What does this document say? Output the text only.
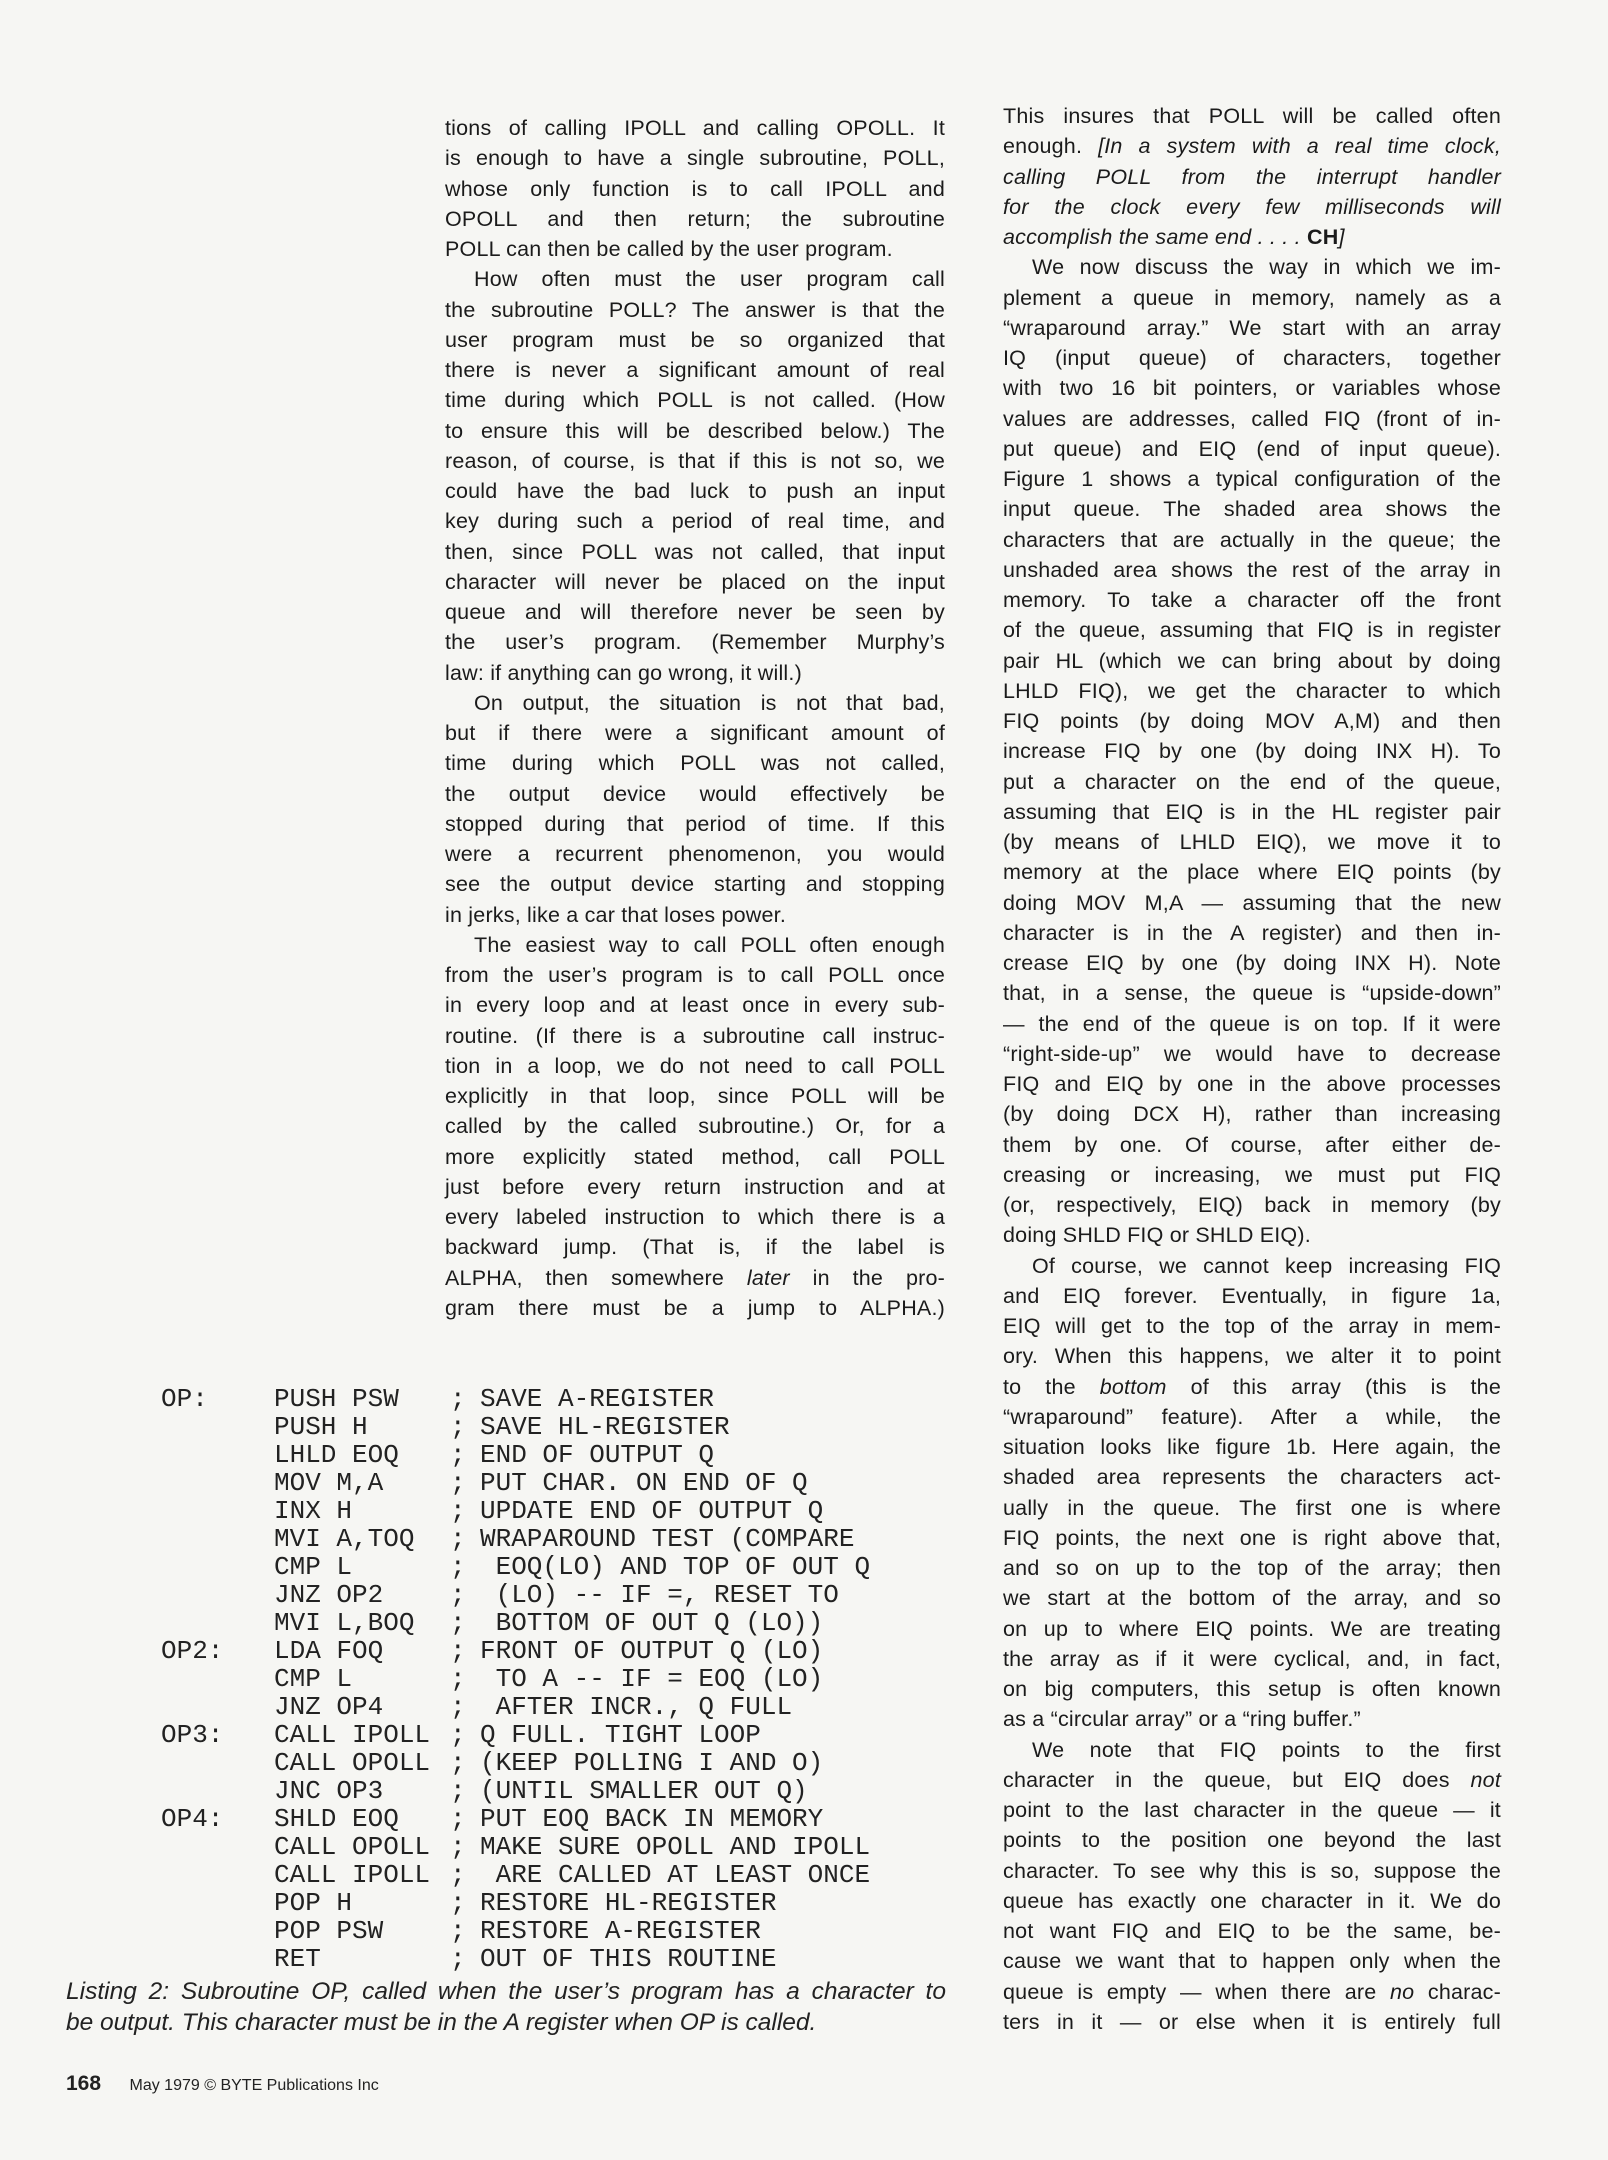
tions of calling IPOLL and calling OPOLL. It
is enough to have a single subroutine, POLL,
whose only function is to call IPOLL and
OPOLL and then return; the subroutine
POLL can then be called by the user program.
How often must the user program call
the subroutine POLL? The answer is that the
user program must be so organized that
there is never a significant amount of real
time during which POLL is not called. (How
to ensure this will be described below.) The
reason, of course, is that if this is not so, we
could have the bad luck to push an input
key during such a period of real time, and
then, since POLL was not called, that input
character will never be placed on the input
queue and will therefore never be seen by
the user’s program. (Remember Murphy’s
law: if anything can go wrong, it will.)
On output, the situation is not that bad,
but if there were a significant amount of
time during which POLL was not called,
the output device would effectively be
stopped during that period of time. If this
were a recurrent phenomenon, you would
see the output device starting and stopping
in jerks, like a car that loses power.
The easiest way to call POLL often enough
from the user’s program is to call POLL once
in every loop and at least once in every sub-
routine. (If there is a subroutine call instruc-
tion in a loop, we do not need to call POLL
explicitly in that loop, since POLL will be
called by the called subroutine.) Or, for a
more explicitly stated method, call POLL
just before every return instruction and at
every labeled instruction to which there is a
backward jump. (That is, if the label is
ALPHA, then somewhere later in the pro-
gram there must be a jump to ALPHA.)
This insures that POLL will be called often
enough. [In a system with a real time clock,
calling POLL from the interrupt handler
for the clock every few milliseconds will
accomplish the same end . . . . CH]
We now discuss the way in which we im-
plement a queue in memory, namely as a
“wraparound array.” We start with an array
IQ (input queue) of characters, together
with two 16 bit pointers, or variables whose
values are addresses, called FIQ (front of in-
put queue) and EIQ (end of input queue).
Figure 1 shows a typical configuration of the
input queue. The shaded area shows the
characters that are actually in the queue; the
unshaded area shows the rest of the array in
memory. To take a character off the front
of the queue, assuming that FIQ is in register
pair HL (which we can bring about by doing
LHLD FIQ), we get the character to which
FIQ points (by doing MOV A,M) and then
increase FIQ by one (by doing INX H). To
put a character on the end of the queue,
assuming that EIQ is in the HL register pair
(by means of LHLD EIQ), we move it to
memory at the place where EIQ points (by
doing MOV M,A — assuming that the new
character is in the A register) and then in-
crease EIQ by one (by doing INX H). Note
that, in a sense, the queue is “upside-down”
— the end of the queue is on top. If it were
“right-side-up” we would have to decrease
FIQ and EIQ by one in the above processes
(by doing DCX H), rather than increasing
them by one. Of course, after either de-
creasing or increasing, we must put FIQ
(or, respectively, EIQ) back in memory (by
doing SHLD FIQ or SHLD EIQ).
Of course, we cannot keep increasing FIQ
and EIQ forever. Eventually, in figure 1a,
EIQ will get to the top of the array in mem-
ory. When this happens, we alter it to point
to the bottom of this array (this is the
“wraparound” feature). After a while, the
situation looks like figure 1b. Here again, the
shaded area represents the characters act-
ually in the queue. The first one is where
FIQ points, the next one is right above that,
and so on up to the top of the array; then
we start at the bottom of the array, and so
on up to where EIQ points. We are treating
the array as if it were cyclical, and, in fact,
on big computers, this setup is often known
as a “circular array” or a “ring buffer.”
We note that FIQ points to the first
character in the queue, but EIQ does not
point to the last character in the queue — it
points to the position one beyond the last
character. To see why this is so, suppose the
queue has exactly one character in it. We do
not want FIQ and EIQ to be the same, be-
cause we want that to happen only when the
queue is empty — when there are no charac-
ters in it — or else when it is entirely full
OP:	PUSH PSW ; SAVE A-REGISTER
PUSH H	; SAVE HL-REGISTER
LHLD EOQ ; END OF OUTPUT Q
MOV M,A	; PUT CHAR. ON END OF Q
INX H	; UPDATE END OF OUTPUT Q
MVI A,TOQ ; WRAPAROUND TEST (COMPARE
CMP L	; EOQ(LO) AND TOP OF OUT Q
JNZ OP2	; (LO) -- IF =, RESET TO
MVI L,BOQ ; BOTTOM OF OUT Q (LO))
OP2: LDA FOQ	; FRONT OF OUTPUT Q (LO)
CMP L	; TO A -- IF = EOQ (LO)
JNZ OP4	; AFTER INCR., Q FULL
OP3: CALL IPOLL ; Q FULL. TIGHT LOOP
CALL OPOLL ; (KEEP POLLING I AND O)
JNC OP3	; (UNTIL SMALLER OUT Q)
OP4: SHLD EOQ ; PUT EOQ BACK IN MEMORY
CALL OPOLL ; MAKE SURE OPOLL AND IPOLL
CALL IPOLL ; ARE CALLED AT LEAST ONCE
POP H	; RESTORE HL-REGISTER
POP PSW	; RESTORE A-REGISTER
RET	; OUT OF THIS ROUTINE
Listing 2: Subroutine OP, called when the user’s program has a character to
be output. This character must be in the A register when OP is called.
168 May 1979 © BYTE Publications Inc
